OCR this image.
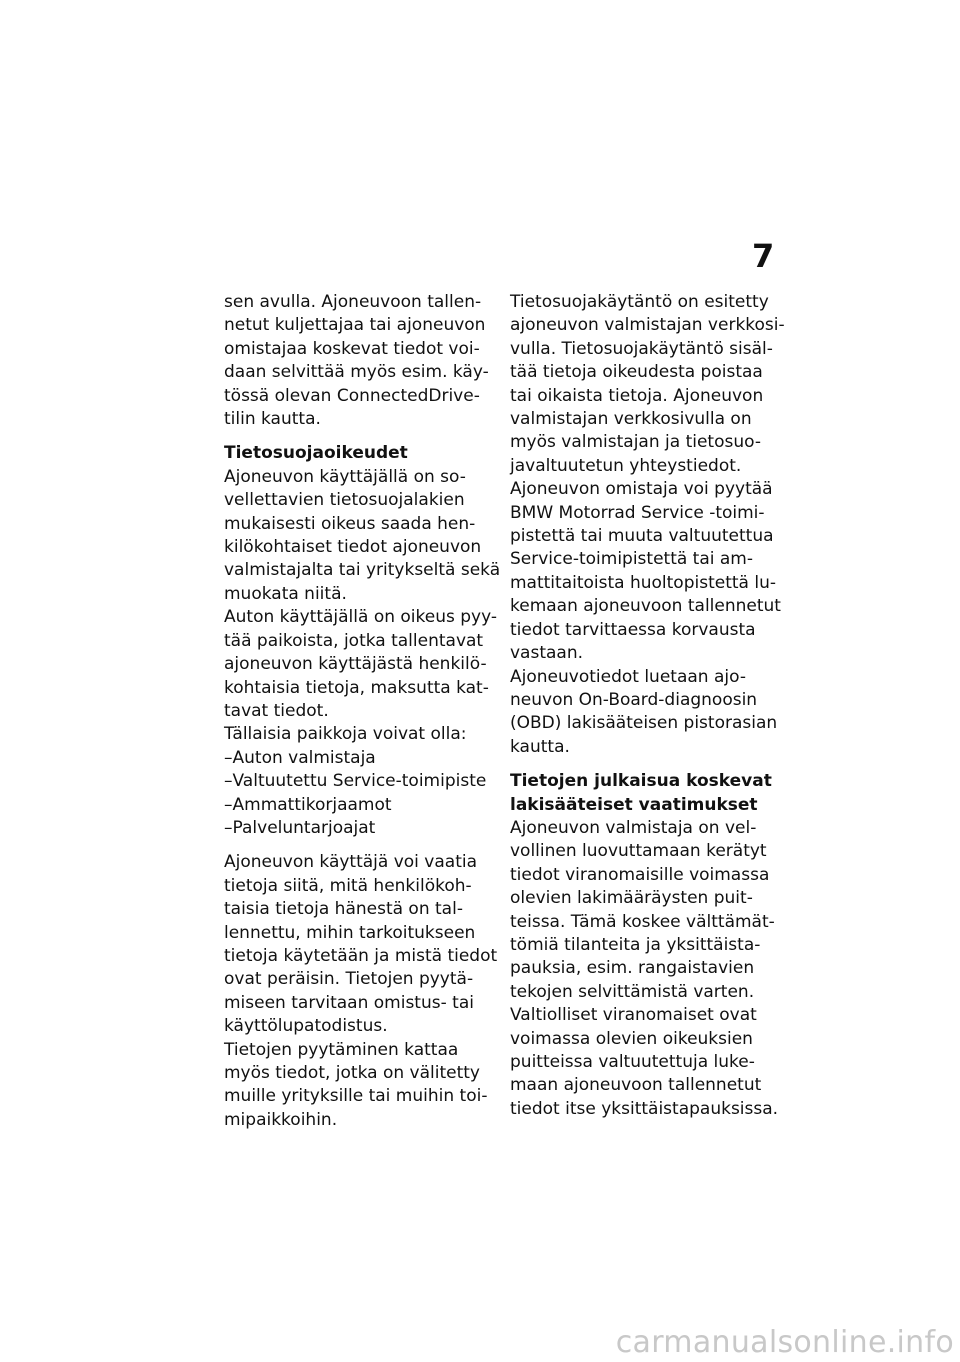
7
sen avulla. Ajoneuvoon tallen-
netut kuljettajaa tai ajoneuvon
omistajaa koskevat tiedot voi-
daan selvittää myös esim. käy-
tössä olevan ConnectedDrive-
tilin kautta.
Tietosuojaoikeudet
Ajoneuvon käyttäjällä on so-
vellettavien tietosuojalakien
mukaisesti oikeus saada hen-
kilökohtaiset tiedot ajoneuvon
valmistajalta tai yritykseltä sekä
muokata niitä.
Auton käyttäjällä on oikeus pyy-
tää paikoista, jotka tallentavat
ajoneuvon käyttäjästä henkilö-
kohtaisia tietoja, maksutta kat-
tavat tiedot.
Tällaisia paikkoja voivat olla:
–Auton valmistaja
–Valtuutettu Service-toimipiste
–Ammattikorjaamot
–Palveluntarjoajat
Ajoneuvon käyttäjä voi vaatia
tietoja siitä, mitä henkilökoh-
taisia tietoja hänestä on tal-
lennettu, mihin tarkoitukseen
tietoja käytetään ja mistä tiedot
ovat peräisin. Tietojen pyytä-
miseen tarvitaan omistus- tai
käyttölupatodistus.
Tietojen pyytäminen kattaa
myös tiedot, jotka on välitetty
muille yrityksille tai muihin toi-
mipaikkoihin.
Tietosuojakäytäntö on esitetty
ajoneuvon valmistajan verkkosi-
vulla. Tietosuojakäytäntö sisäl-
tää tietoja oikeudesta poistaa
tai oikaista tietoja. Ajoneuvon
valmistajan verkkosivulla on
myös valmistajan ja tietosuo-
javaltuutetun yhteystiedot.
Ajoneuvon omistaja voi pyytää
BMW Motorrad Service -toimi-
pistettä tai muuta valtuutettua
Service-toimipistettä tai am-
mattitaitoista huoltopistettä lu-
kemaan ajoneuvoon tallennetut
tiedot tarvittaessa korvausta
vastaan.
Ajoneuvotiedot luetaan ajo-
neuvon On-Board-diagnoosin
(OBD) lakisääteisen pistorasian
kautta.
Tietojen julkaisua koskevat
lakisääteiset vaatimukset
Ajoneuvon valmistaja on vel-
vollinen luovuttamaan kerätyt
tiedot viranomaisille voimassa
olevien lakimääräysten puit-
teissa. Tämä koskee välttämät-
tömiä tilanteita ja yksittäista-
pauksia, esim. rangaistavien
tekojen selvittämistä varten.
Valtiolliset viranomaiset ovat
voimassa olevien oikeuksien
puitteissa valtuutettuja luke-
maan ajoneuvoon tallennetut
tiedot itse yksittäistapauksissa.
carmanualsonline.info
